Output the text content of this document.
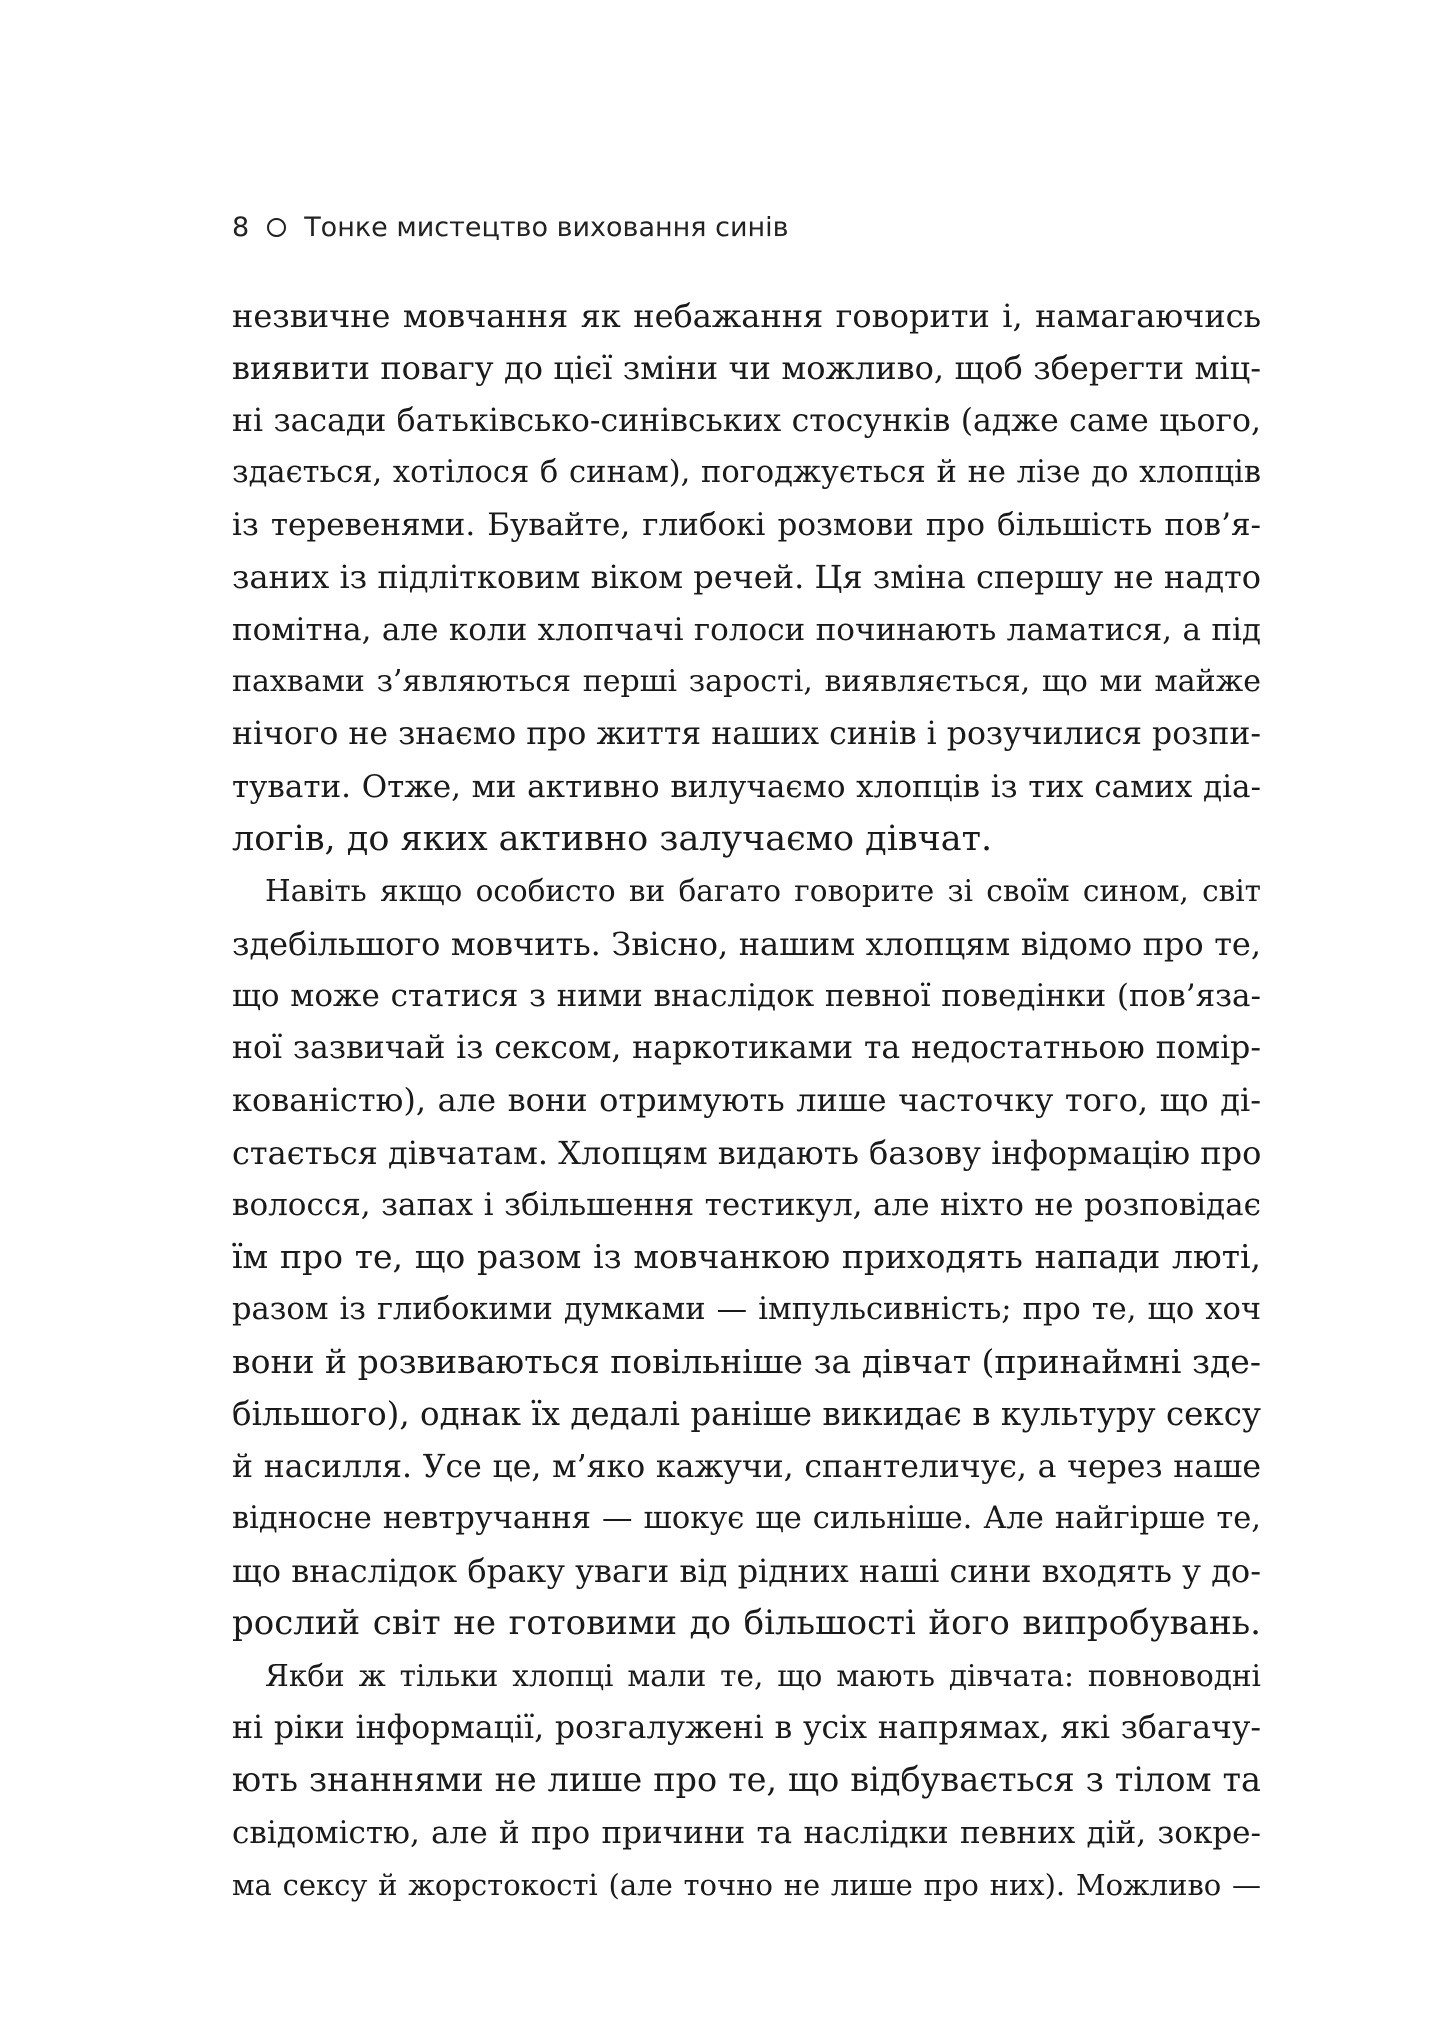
8 Тонке мистецтво виховання синів
незвичне мовчання як небажання говорити і, намагаючись
виявити повагу до цієї зміни чи можливо, щоб зберегти міц-
ні засади батьківсько-синівських стосунків (адже саме цього,
здається, хотілося б синам), погоджується й не лізе до хлопців
із теревенями. Бувайте, глибокі розмови про більшість пов’я-
заних із підлітковим віком речей. Ця зміна спершу не надто
помітна, але коли хлопчачі голоси починають ламатися, а під
пахвами з’являються перші зарості, виявляється, що ми майже
нічого не знаємо про життя наших синів і розучилися розпи-
тувати. Отже, ми активно вилучаємо хлопців із тих самих діа-
логів, до яких активно залучаємо дівчат.
Навіть якщо особисто ви багато говорите зі своїм сином, світ
здебільшого мовчить. Звісно, нашим хлопцям відомо про те,
що може статися з ними внаслідок певної поведінки (пов’яза-
ної зазвичай із сексом, наркотиками та недостатньою помір-
кованістю), але вони отримують лише часточку того, що ді-
стається дівчатам. Хлопцям видають базову інформацію про
волосся, запах і збільшення тестикул, але ніхто не розповідає
їм про те, що разом із мовчанкою приходять напади люті,
разом із глибокими думками — імпульсивність; про те, що хоч
вони й розвиваються повільніше за дівчат (принаймні зде-
більшого), однак їх дедалі раніше викидає в культуру сексу
й насилля. Усе це, м’яко кажучи, спантеличує, а через наше
відносне невтручання — шокує ще сильніше. Але найгірше те,
що внаслідок браку уваги від рідних наші сини входять у до-
рослий світ не готовими до більшості його випробувань.
Якби ж тільки хлопці мали те, що мають дівчата: повноводні
ні ріки інформації, розгалужені в усіх напрямах, які збагачу-
ють знаннями не лише про те, що відбувається з тілом та
свідомістю, але й про причини та наслідки певних дій, зокре-
ма сексу й жорстокості (але точно не лише про них). Можливо —
